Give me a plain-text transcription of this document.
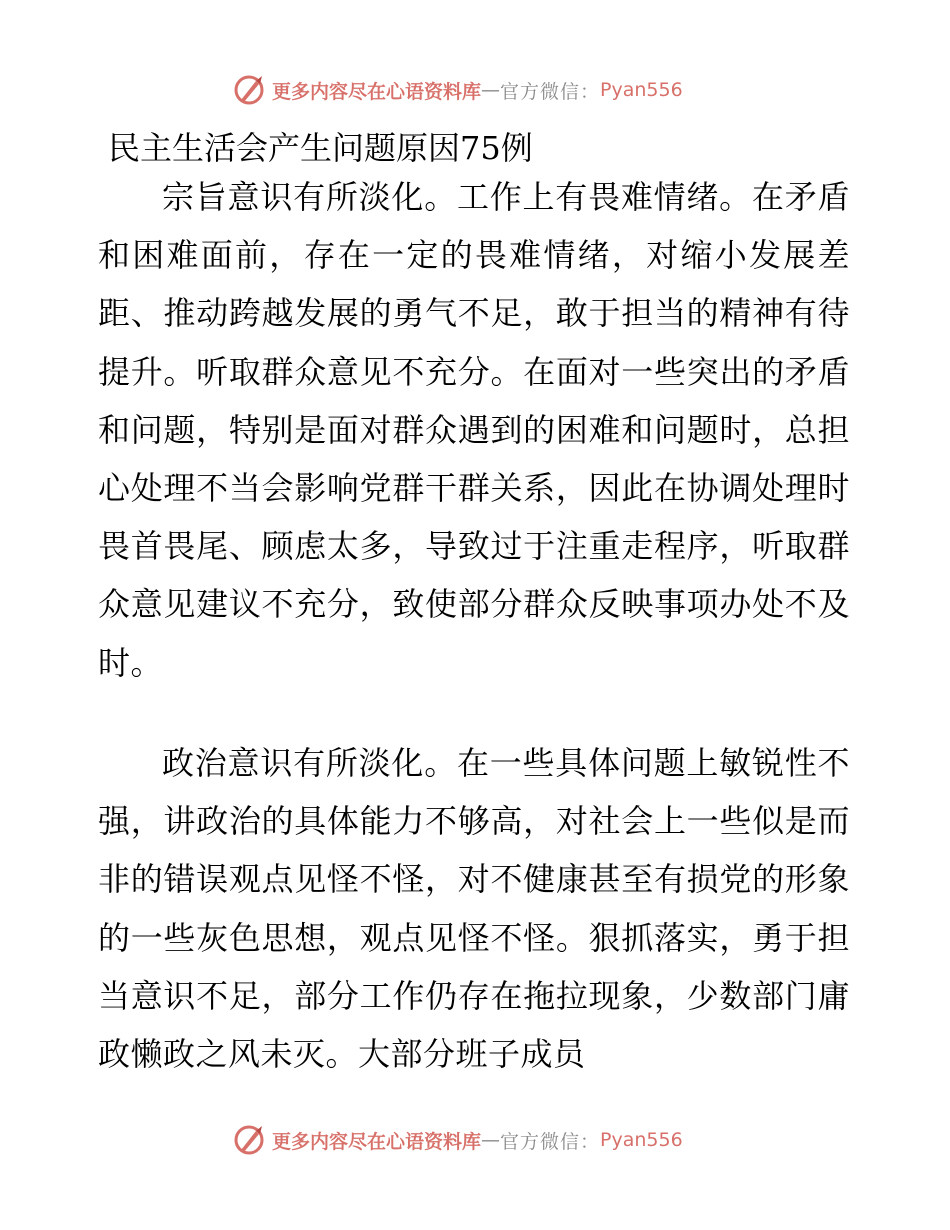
更多内容尽在心语资料库 — 官方微信： Pyan556
民主生活会产生问题原因75例

宗旨意识有所淡化。工作上有畏难情绪。在矛盾和困难面前，存在一定的畏难情绪，对缩小发展差距、推动跨越发展的勇气不足，敢于担当的精神有待提升。听取群众意见不充分。在面对一些突出的矛盾和问题，特别是面对群众遇到的困难和问题时，总担心处理不当会影响党群干群关系，因此在协调处理时畏首畏尾、顾虑太多，导致过于注重走程序，听取群众意见建议不充分，致使部分群众反映事项办处不及时。

政治意识有所淡化。在一些具体问题上敏锐性不强，讲政治的具体能力不够高，对社会上一些似是而非的错误观点见怪不怪，对不健康甚至有损党的形象的一些灰色思想，观点见怪不怪。狠抓落实，勇于担当意识不足，部分工作仍存在拖拉现象，少数部门庸政懒政之风未灭。大部分班子成员

更多内容尽在心语资料库 — 官方微信： Pyan556
